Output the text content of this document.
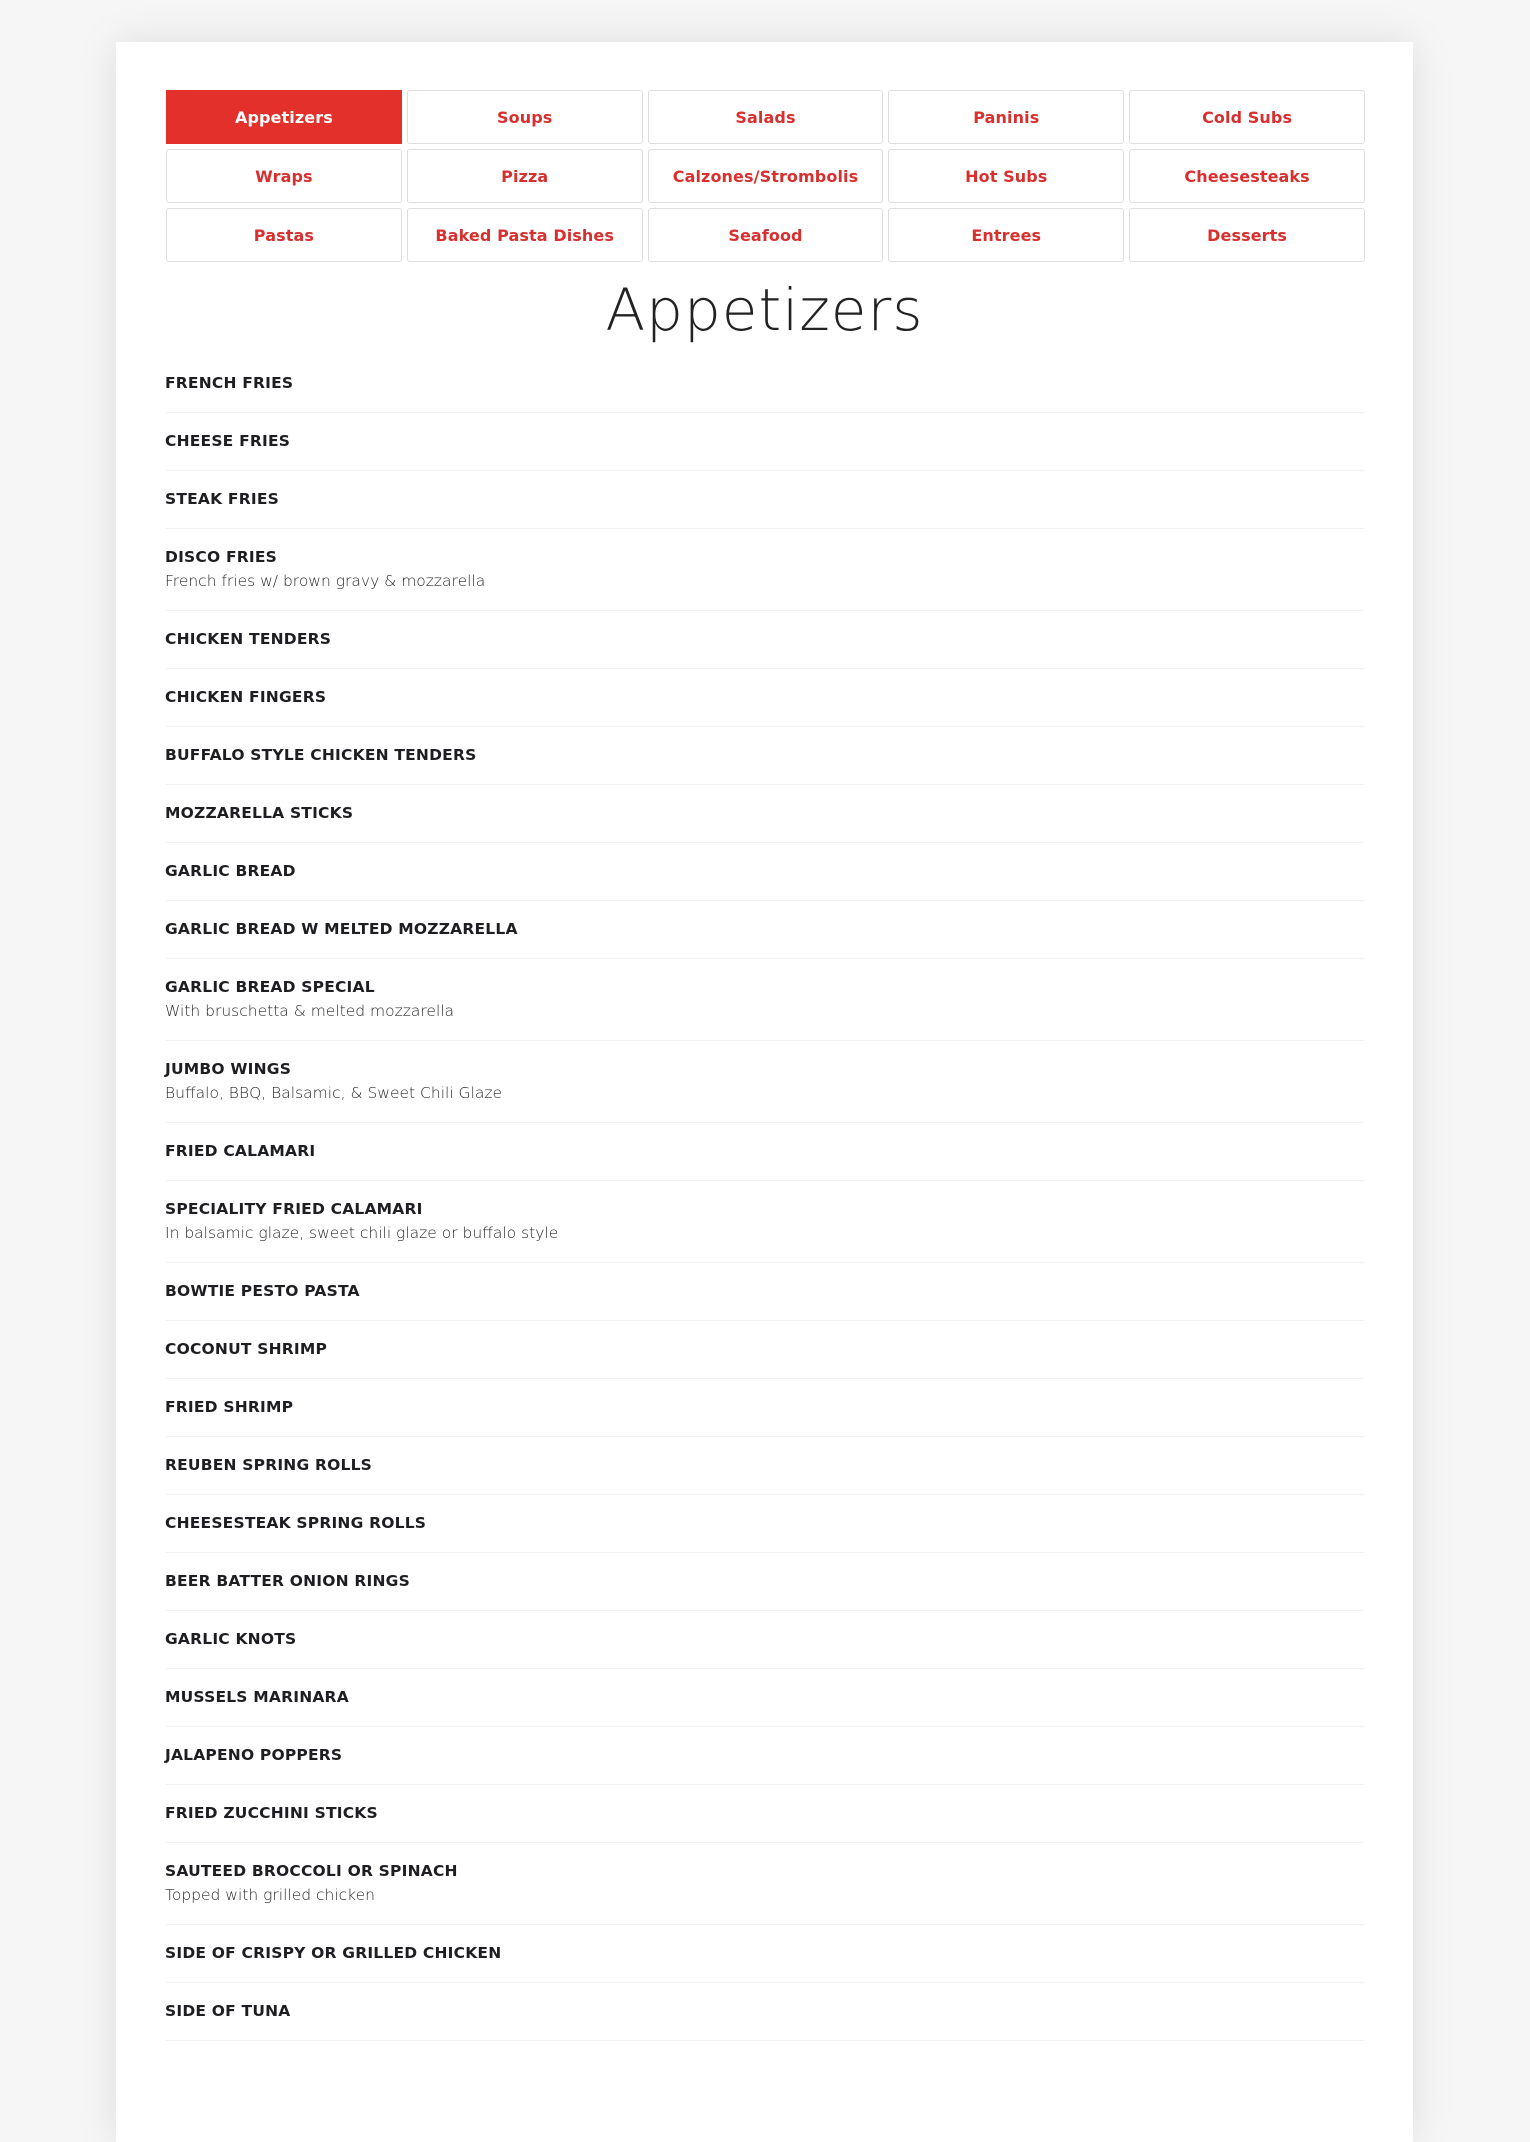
Appetizers	Soups	Salads	Paninis	Cold Subs
Wraps	Pizza	Calzones/Strombolis	Hot Subs	Cheesesteaks
Pastas	Baked Pasta Dishes	Seafood	Entrees	Desserts
Appetizers
FRENCH FRIES
CHEESE FRIES
STEAK FRIES
DISCO FRIES
French fries w/ brown gravy & mozzarella
CHICKEN TENDERS
CHICKEN FINGERS
BUFFALO STYLE CHICKEN TENDERS
MOZZARELLA STICKS
GARLIC BREAD
GARLIC BREAD W MELTED MOZZARELLA
GARLIC BREAD SPECIAL
With bruschetta & melted mozzarella
JUMBO WINGS
Buffalo, BBQ, Balsamic, & Sweet Chili Glaze
FRIED CALAMARI
SPECIALITY FRIED CALAMARI
In balsamic glaze, sweet chili glaze or buffalo style
BOWTIE PESTO PASTA
COCONUT SHRIMP
FRIED SHRIMP
REUBEN SPRING ROLLS
CHEESESTEAK SPRING ROLLS
BEER BATTER ONION RINGS
GARLIC KNOTS
MUSSELS MARINARA
JALAPENO POPPERS
FRIED ZUCCHINI STICKS
SAUTEED BROCCOLI OR SPINACH
Topped with grilled chicken
SIDE OF CRISPY OR GRILLED CHICKEN
SIDE OF TUNA
